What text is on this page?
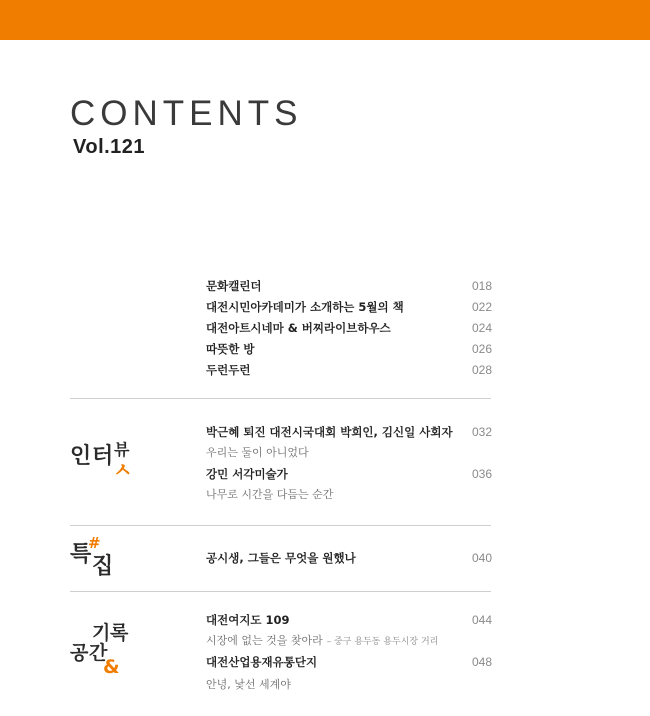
CONTENTS
Vol.121
문화캘린더	018
대전시민아카데미가 소개하는 5월의 책	022
대전아트시네마 & 버찌라이브하우스	024
따뜻한 방	026
두런두런	028
인 터 뷰
ㅅ
박근혜 퇴진 대전시국대회 박희인, 김신일 사회자 032
우리는 둘이 아니었다
강민 서각미술가	036
나무로 시간을 다듬는 순간
특
#
집	공시생, 그들은 무엇을 원했나	040
기 록
공 간
&
대전여지도 109	044
시장에 없는 것을 찾아라 – 중구 용두동 용두시장 거리
대전산업용재유통단지	048
안녕, 낯선 세계야
